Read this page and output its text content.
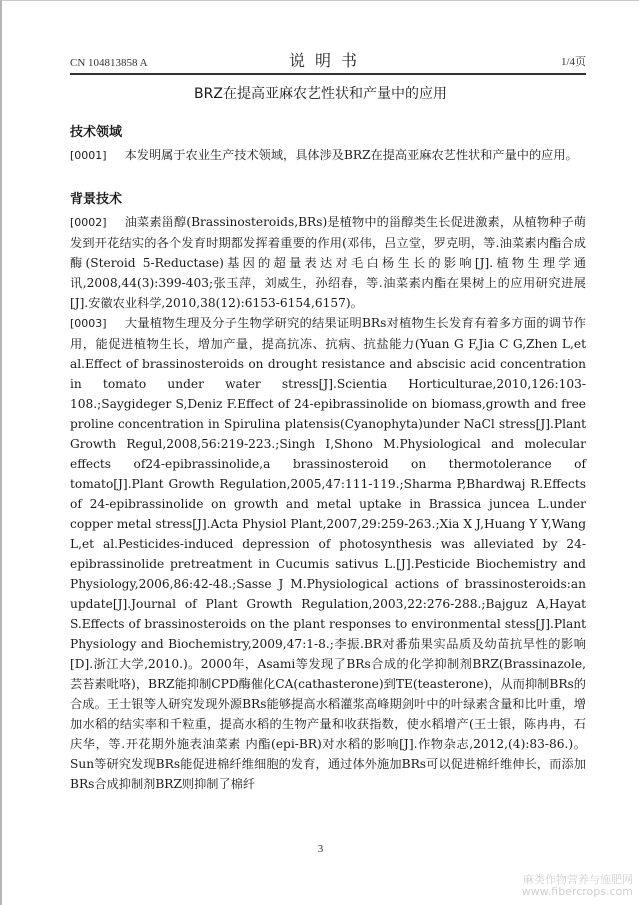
CN 104813858 A	说明书	1/4页
BRZ在提高亚麻农艺性状和产量中的应用
技术领域

[0001] 本发明属于农业生产技术领域，具体涉及BRZ在提高亚麻农艺性状和产量中的应用。

背景技术

[0002] 油菜素甾醇(Brassinosteroids,BRs)是植物中的甾醇类生长促进激素，从植物种子萌发到开花结实的各个发育时期都发挥着重要的作用(邓伟，吕立堂，罗克明，等.油菜素内酯合成酶(Steroid 5-Reductase)基因的超量表达对毛白杨生长的影响[J].植物生理学通讯,2008,44(3):399-403;张玉萍，刘威生，孙绍春，等.油菜素内酯在果树上的应用研究进展[J].安徽农业科学,2010,38(12):6153-6154,6157)。

[0003] 大量植物生理及分子生物学研究的结果证明BRs对植物生长发育有着多方面的调节作用，能促进植物生长，增加产量，提高抗冻、抗病、抗盐能力(Yuan G F,Jia C G,Zhen L,et al.Effect of brassinosteroids on drought resistance and abscisic acid concentration in tomato under water stress[J].Scientia Horticulturae,2010,126:103-108.;Saygideger S,Deniz F.Effect of 24-epibrassinolide on biomass,growth and free proline concentration in Spirulina platensis(Cyanophyta)under NaCl stress[J].Plant Growth Regul,2008,56:219-223.;Singh I,Shono M.Physiological and molecular effects of24-epibrassinolide,a brassinosteroid on thermotolerance of tomato[J].Plant Growth Regulation,2005,47:111-119.;Sharma P,Bhardwaj R.Effects of 24-epibrassinolide on growth and metal uptake in Brassica juncea L.under copper metal stress[J].Acta Physiol Plant,2007,29:259-263.;Xia X J,Huang Y Y,Wang L,et al.Pesticides-induced depression of photosynthesis was alleviated by 24-epibrassinolide pretreatment in Cucumis sativus L.[J].Pesticide Biochemistry and Physiology,2006,86:42-48.;Sasse J M.Physiological actions of brassinosteroids:an update[J].Journal of Plant Growth Regulation,2003,22:276-288.;Bajguz A,Hayat S.Effects of brassinosteroids on the plant responses to environmental stess[J].Plant Physiology and Biochemistry,2009,47:1-8.;李振.BR对番茄果实品质及幼苗抗旱性的影响[D].浙江大学,2010.)。2000年，Asami等发现了BRs合成的化学抑制剂BRZ(Brassinazole,芸苔素吡咯)，BRZ能抑制CPD酶催化CA(cathasterone)到TE(teasterone)，从而抑制BRs的合成。王士银等人研究发现外源BRs能够提高水稻灌浆高峰期剑叶中的叶绿素含量和比叶重，增加水稻的结实率和千粒重，提高水稻的生物产量和收获指数，使水稻增产(王士银，陈冉冉，石庆华，等.开花期外施表油菜素 内酯(epi-BR)对水稻的影响[J].作物杂志,2012,(4):83-86.)。Sun等研究发现BRs能促进棉纤维细胞的发育，通过体外施加BRs可以促进棉纤维伸长，而添加BRs合成抑制剂BRZ则抑制了棉纤

3
麻类作物营养与施肥网
www.fibercrops.com
